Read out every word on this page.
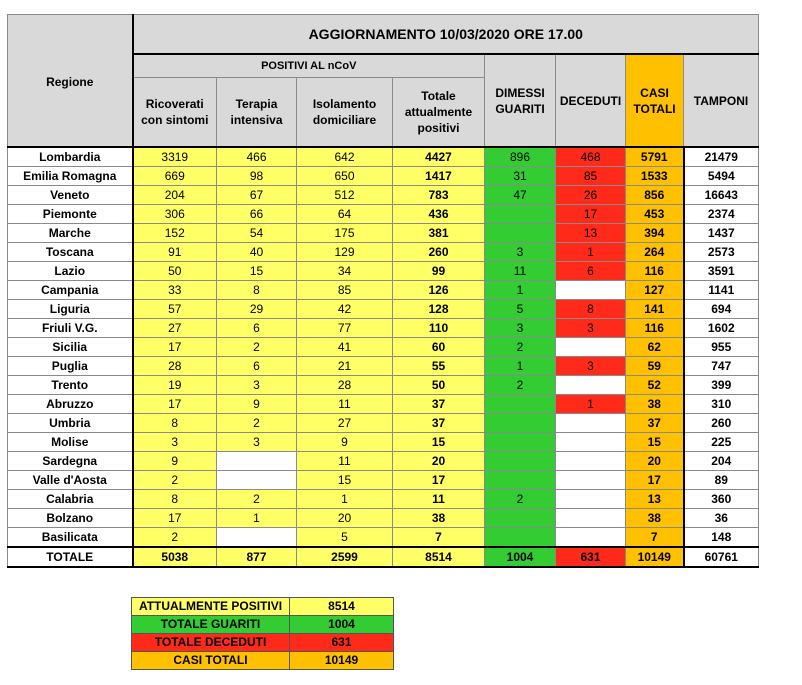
Regione	AGGIORNAMENTO 10/03/2020 ORE 17.00							
	POSITIVI AL nCoV				DIMESSI GUARITI	DECEDUTI	CASI TOTALI	TAMPONI
	Ricoverati con sintomi	Terapia intensiva	Isolamento domiciliare	Totale attualmente positivi				
Lombardia	3319	466	642	4427	896	468	5791	21479
Emilia Romagna	669	98	650	1417	31	85	1533	5494
Veneto	204	67	512	783	47	26	856	16643
Piemonte	306	66	64	436		17	453	2374
Marche	152	54	175	381		13	394	1437
Toscana	91	40	129	260	3	1	264	2573
Lazio	50	15	34	99	11	6	116	3591
Campania	33	8	85	126	1		127	1141
Liguria	57	29	42	128	5	8	141	694
Friuli V.G.	27	6	77	110	3	3	116	1602
Sicilia	17	2	41	60	2		62	955
Puglia	28	6	21	55	1	3	59	747
Trento	19	3	28	50	2		52	399
Abruzzo	17	9	11	37		1	38	310
Umbria	8	2	27	37			37	260
Molise	3	3	9	15			15	225
Sardegna	9		11	20			20	204
Valle d'Aosta	2		15	17			17	89
Calabria	8	2	1	11	2		13	360
Bolzano	17	1	20	38			38	36
Basilicata	2		5	7			7	148
TOTALE	5038	877	2599	8514	1004	631	10149	60761
ATTUALMENTE POSITIVI	8514
TOTALE GUARITI	1004
TOTALE DECEDUTI	631
CASI TOTALI	10149
